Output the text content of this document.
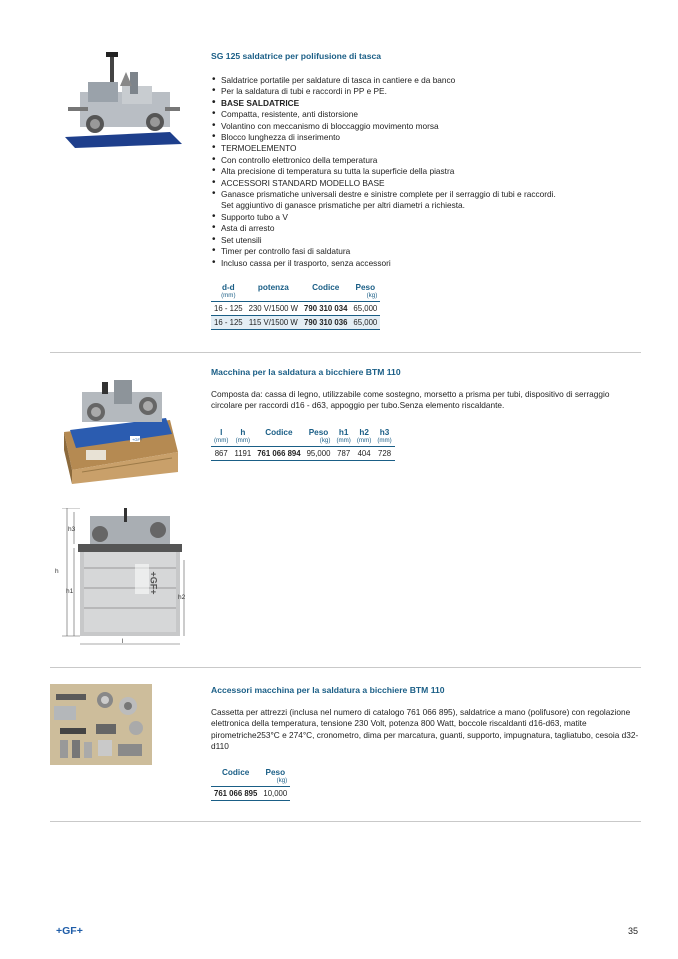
SG 125 saldatrice per polifusione di tasca
• Saldatrice portatile per saldature di tasca in cantiere e da banco
• Per la saldatura di tubi e raccordi in PP e PE.
• BASE SALDATRICE
• Compatta, resistente, anti distorsione
• Volantino con meccanismo di bloccaggio movimento morsa
• Blocco lunghezza di inserimento
• TERMOELEMENTO
• Con controllo elettronico della temperatura
• Alta precisione di temperatura su tutta la superficie della piastra
• ACCESSORI STANDARD MODELLO BASE
• Ganasce prismatiche universali destre e sinistre complete per il serraggio di tubi e raccordi.
Set aggiuntivo di ganasce prismatiche per altri diametri a richiesta.
• Supporto tubo a V
• Asta di arresto
• Set utensili
• Timer per controllo fasi di saldatura
• Incluso cassa per il trasporto, senza accessori
d-d	potenza	Codice	Peso
(mm)			(kg)
16 - 125	230 V/1500 W	790 310 034	65,000
16 - 125	115 V/1500 W	790 310 036	65,000
+GF+
Macchina per la saldatura a bicchiere BTM 110
Composta da: cassa di legno, utilizzabile come sostegno, morsetto a prisma per tubi, dispositivo di serraggio circolare per raccordi d16 - d63, appoggio per tubo.Senza elemento riscaldante.
l	h	Codice	Peso	h1	h2	h3
(mm)	(mm)		(kg)	(mm)	(mm)	(mm)
867	1191	761 066 894	95,000	787	404	728
h3
h
h1
h2
l
+GF+
Accessori macchina per la saldatura a bicchiere BTM 110
Cassetta per attrezzi (inclusa nel numero di catalogo 761 066 895), saldatrice a mano (polifusore) con regolazione elettronica della temperatura, tensione 230 Volt, potenza 800 Watt, boccole riscaldanti d16-d63, matite pirometriche253°C e 274°C, cronometro, dima per marcatura, guanti, supporto, impugnatura, tagliatubo, cesoia d32-d110
Codice	Peso
	(kg)
761 066 895	10,000
+GF+	35
